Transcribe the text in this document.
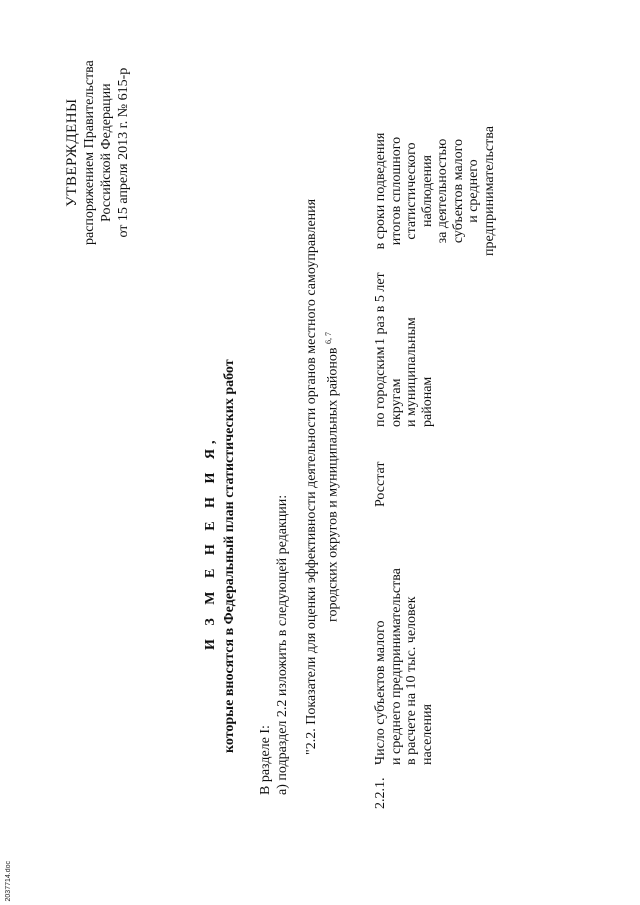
УТВЕРЖДЕНЫ распоряжением Правительства Российской Федерации от 15 апреля 2013 г. № 615-р
И З М Е Н Е Н И Я, которые вносятся в Федеральный план статистических работ
В разделе I: а) подраздел 2.2 изложить в следующей редакции: "2.2. Показатели для оценки эффективности деятельности органов местного самоуправления городских округов и муниципальных районов $^{6, 7}$
2.2.1.
Число субъектов малого и среднего предпринимательства в расчете на 10 тыс. человек населения
Росстат
по городским округам и муниципальным районам
1 раз в 5 лет
в сроки подведения итогов сплошного статистического наблюдения за деятельностью субъектов малого и среднего предпринимательства
2037714.doc
